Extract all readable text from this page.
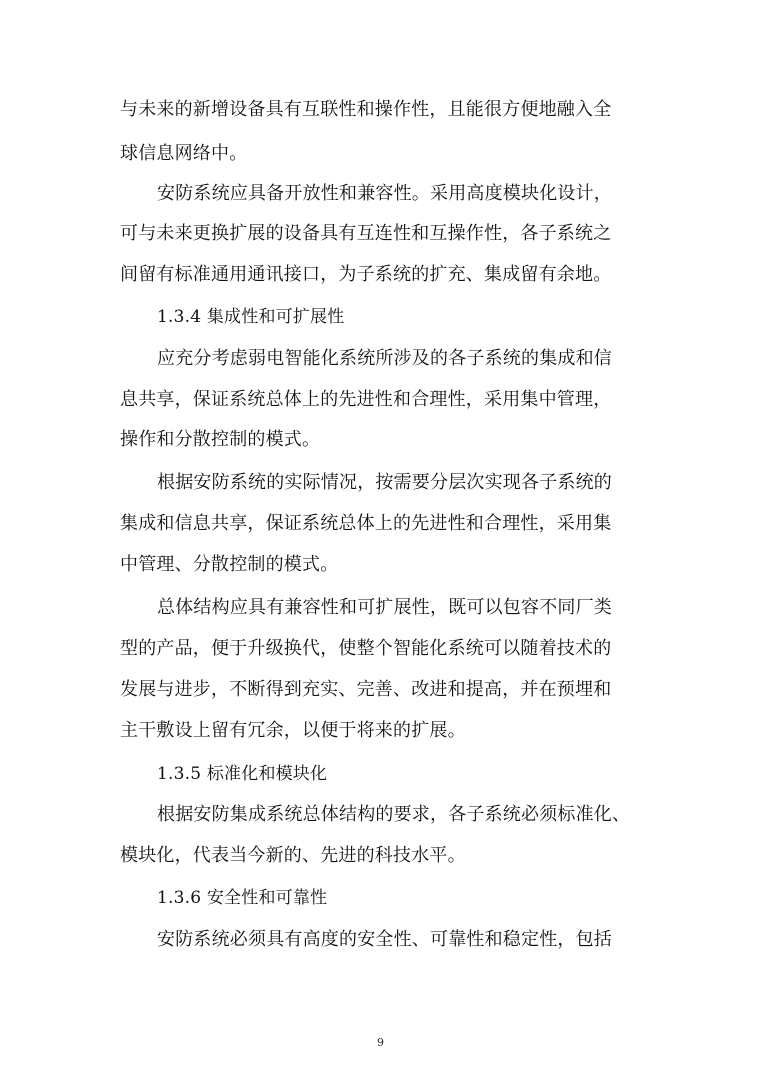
与未来的新增设备具有互联性和操作性，且能很方便地融入全
球信息网络中。
安防系统应具备开放性和兼容性。采用高度模块化设计，
可与未来更换扩展的设备具有互连性和互操作性，各子系统之
间留有标准通用通讯接口，为子系统的扩充、集成留有余地。
1.3.4 集成性和可扩展性
应充分考虑弱电智能化系统所涉及的各子系统的集成和信
息共享，保证系统总体上的先进性和合理性，采用集中管理，
操作和分散控制的模式。
根据安防系统的实际情况，按需要分层次实现各子系统的
集成和信息共享，保证系统总体上的先进性和合理性，采用集
中管理、分散控制的模式。
总体结构应具有兼容性和可扩展性，既可以包容不同厂类
型的产品，便于升级换代，使整个智能化系统可以随着技术的
发展与进步，不断得到充实、完善、改进和提高，并在预埋和
主干敷设上留有冗余，以便于将来的扩展。
1.3.5 标准化和模块化
根据安防集成系统总体结构的要求，各子系统必须标准化、
模块化，代表当今新的、先进的科技水平。
1.3.6 安全性和可靠性
安防系统必须具有高度的安全性、可靠性和稳定性，包括
9
